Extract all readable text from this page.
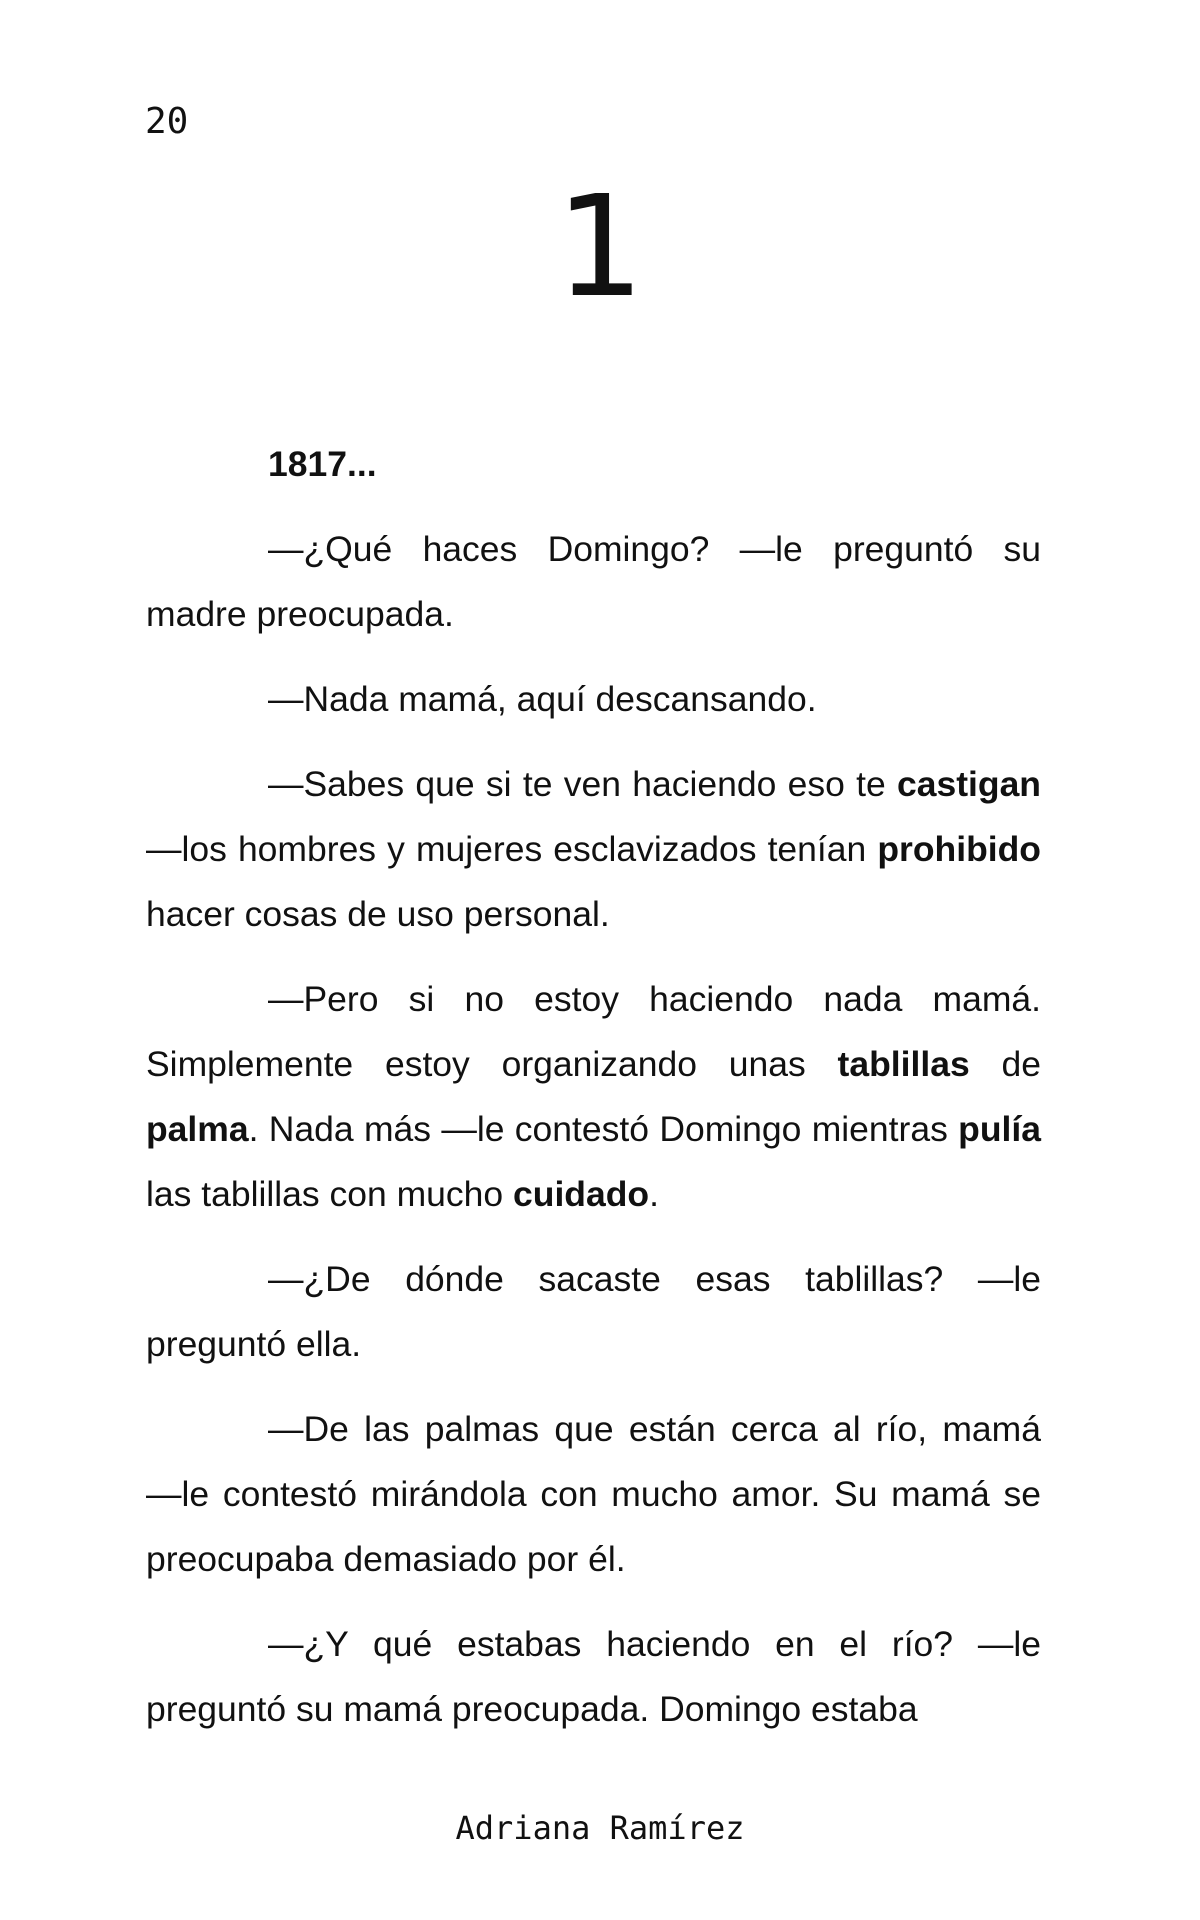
20
1

1817...

—¿Qué haces Domingo? —le preguntó su madre preocupada.

—Nada mamá, aquí descansando.

—Sabes que si te ven haciendo eso te castigan —los hombres y mujeres esclavizados tenían prohibido hacer cosas de uso personal.

—Pero si no estoy haciendo nada mamá. Simplemente estoy organizando unas tablillas de palma. Nada más —le contestó Domingo mientras pulía las tablillas con mucho cuidado.

—¿De dónde sacaste esas tablillas? —le preguntó ella.

—De las palmas que están cerca al río, mamá —le contestó mirándola con mucho amor. Su mamá se preocupaba demasiado por él.

—¿Y qué estabas haciendo en el río? —le preguntó su mamá preocupada. Domingo estaba

Adriana Ramírez
